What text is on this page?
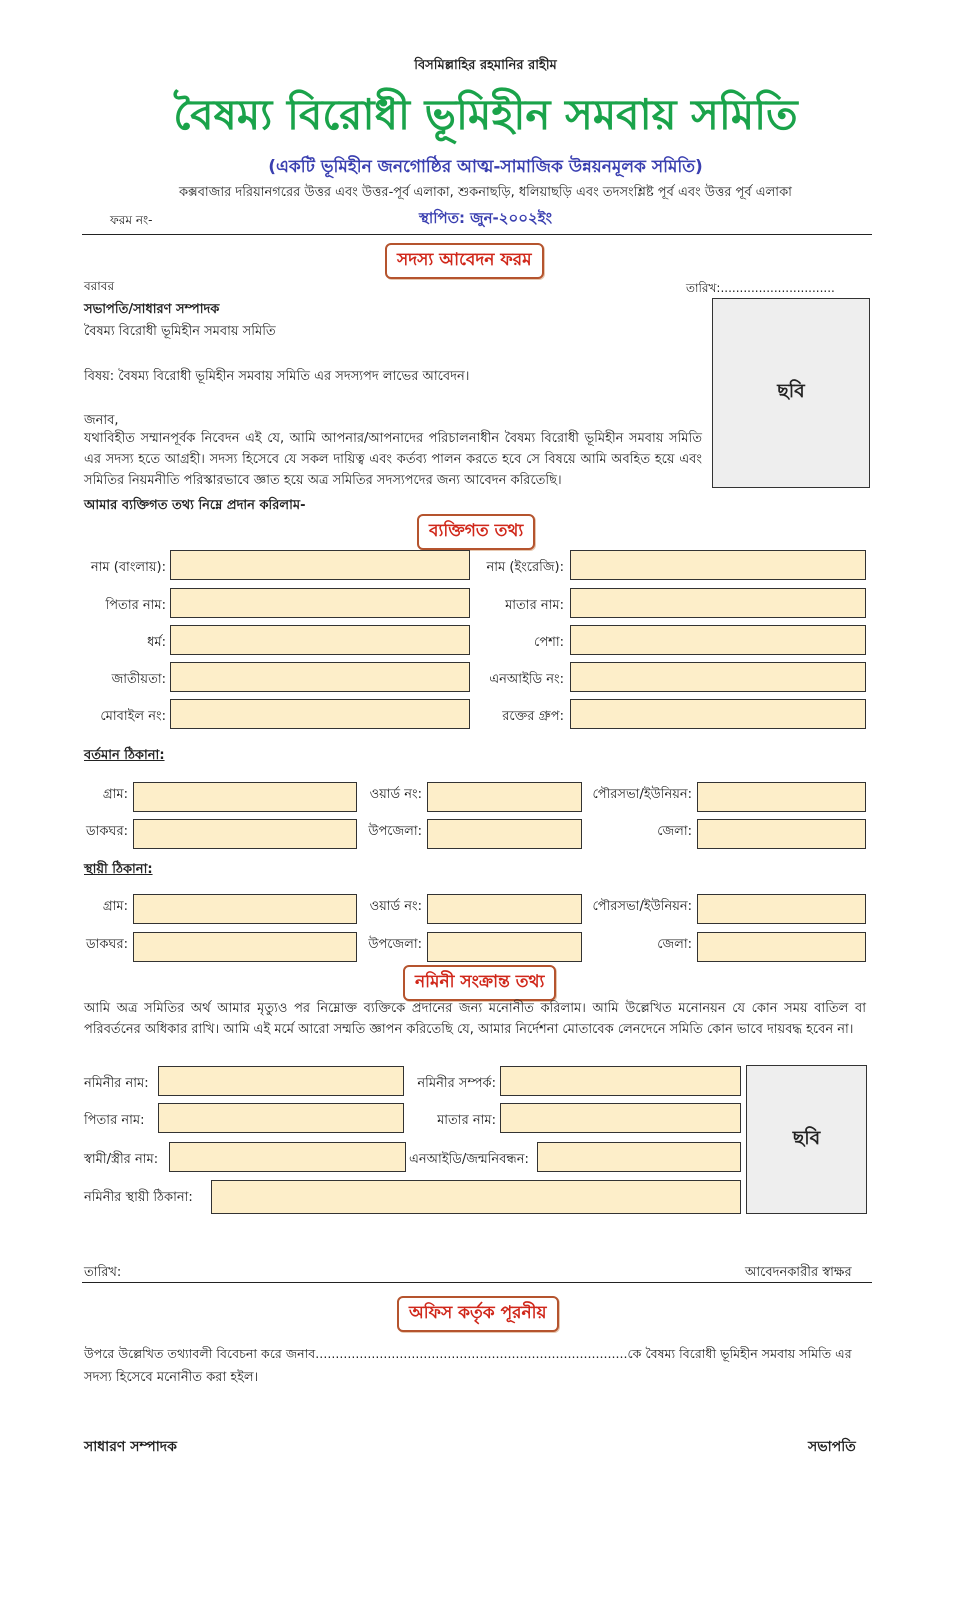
বিসমিল্লাহির রহমানির রাহীম
বৈষম্য বিরোধী ভূমিহীন সমবায় সমিতি
(একটি ভূমিহীন জনগোষ্ঠির আত্ম-সামাজিক উন্নয়নমূলক সমিতি)
কক্সবাজার দরিয়ানগরের উত্তর এবং উত্তর-পূর্ব এলাকা, শুকনাছড়ি, ধলিয়াছড়ি এবং তদসংশ্লিষ্ট পূর্ব এবং উত্তর পূর্ব এলাকা
ফরম নং-	স্থাপিত: জুন-২০০২ইং
সদস্য আবেদন ফরম
বরাবর	তারিখ:..............................
সভাপতি/সাধারণ সম্পাদক
বৈষম্য বিরোধী ভূমিহীন সমবায় সমিতি
ছবি
বিষয়: বৈষম্য বিরোধী ভূমিহীন সমবায় সমিতি এর সদস্যপদ লাভের আবেদন।
জনাব,
যথাবিহীত সম্মানপূর্বক নিবেদন এই যে, আমি আপনার/আপনাদের পরিচালনাধীন বৈষম্য বিরোধী ভূমিহীন সমবায় সমিতি এর সদস্য হতে আগ্রহী। সদস্য হিসেবে যে সকল দায়িত্ব এবং কর্তব্য পালন করতে হবে সে বিষয়ে আমি অবহিত হয়ে এবং সমিতির নিয়মনীতি পরিস্কারভাবে জ্ঞাত হয়ে অত্র সমিতির সদস্যপদের জন্য আবেদন করিতেছি।
আমার ব্যক্তিগত তথ্য নিম্নে প্রদান করিলাম-
ব্যক্তিগত তথ্য
নাম (বাংলায়):	নাম (ইংরেজি):
পিতার নাম:	মাতার নাম:
ধর্ম:	পেশা:
জাতীয়তা:	এনআইডি নং:
মোবাইল নং:	রক্তের গ্রুপ:
বর্তমান ঠিকানা:
গ্রাম:	ওয়ার্ড নং:	পৌরসভা/ইউনিয়ন:
ডাকঘর:	উপজেলা:	জেলা:
স্থায়ী ঠিকানা:
গ্রাম:	ওয়ার্ড নং:	পৌরসভা/ইউনিয়ন:
ডাকঘর:	উপজেলা:	জেলা:
নমিনী সংক্রান্ত তথ্য
আমি অত্র সমিতির অর্থ আমার মৃত্যুও পর নিম্নোক্ত ব্যক্তিকে প্রদানের জন্য মনোনীত করিলাম। আমি উল্লেখিত মনোনয়ন যে কোন সময় বাতিল বা পরিবর্তনের অধিকার রাখি। আমি এই মর্মে আরো সম্মতি জ্ঞাপন করিতেছি যে, আমার নির্দেশনা মোতাবেক লেনদেনে সমিতি কোন ভাবে দায়বদ্ধ হবেন না।
নমিনীর নাম:	নমিনীর সম্পর্ক:
পিতার নাম:	মাতার নাম:
স্বামী/স্ত্রীর নাম:	এনআইডি/জন্মনিবন্ধন:
নমিনীর স্থায়ী ঠিকানা:
ছবি
তারিখ:	আবেদনকারীর স্বাক্ষর
অফিস কর্তৃক পূরনীয়
উপরে উল্লেখিত তথ্যাবলী বিবেচনা করে জনাব..............................................................................কে বৈষম্য বিরোধী ভূমিহীন সমবায় সমিতি এর
সদস্য হিসেবে মনোনীত করা হইল।
সাধারণ সম্পাদক	সভাপতি
